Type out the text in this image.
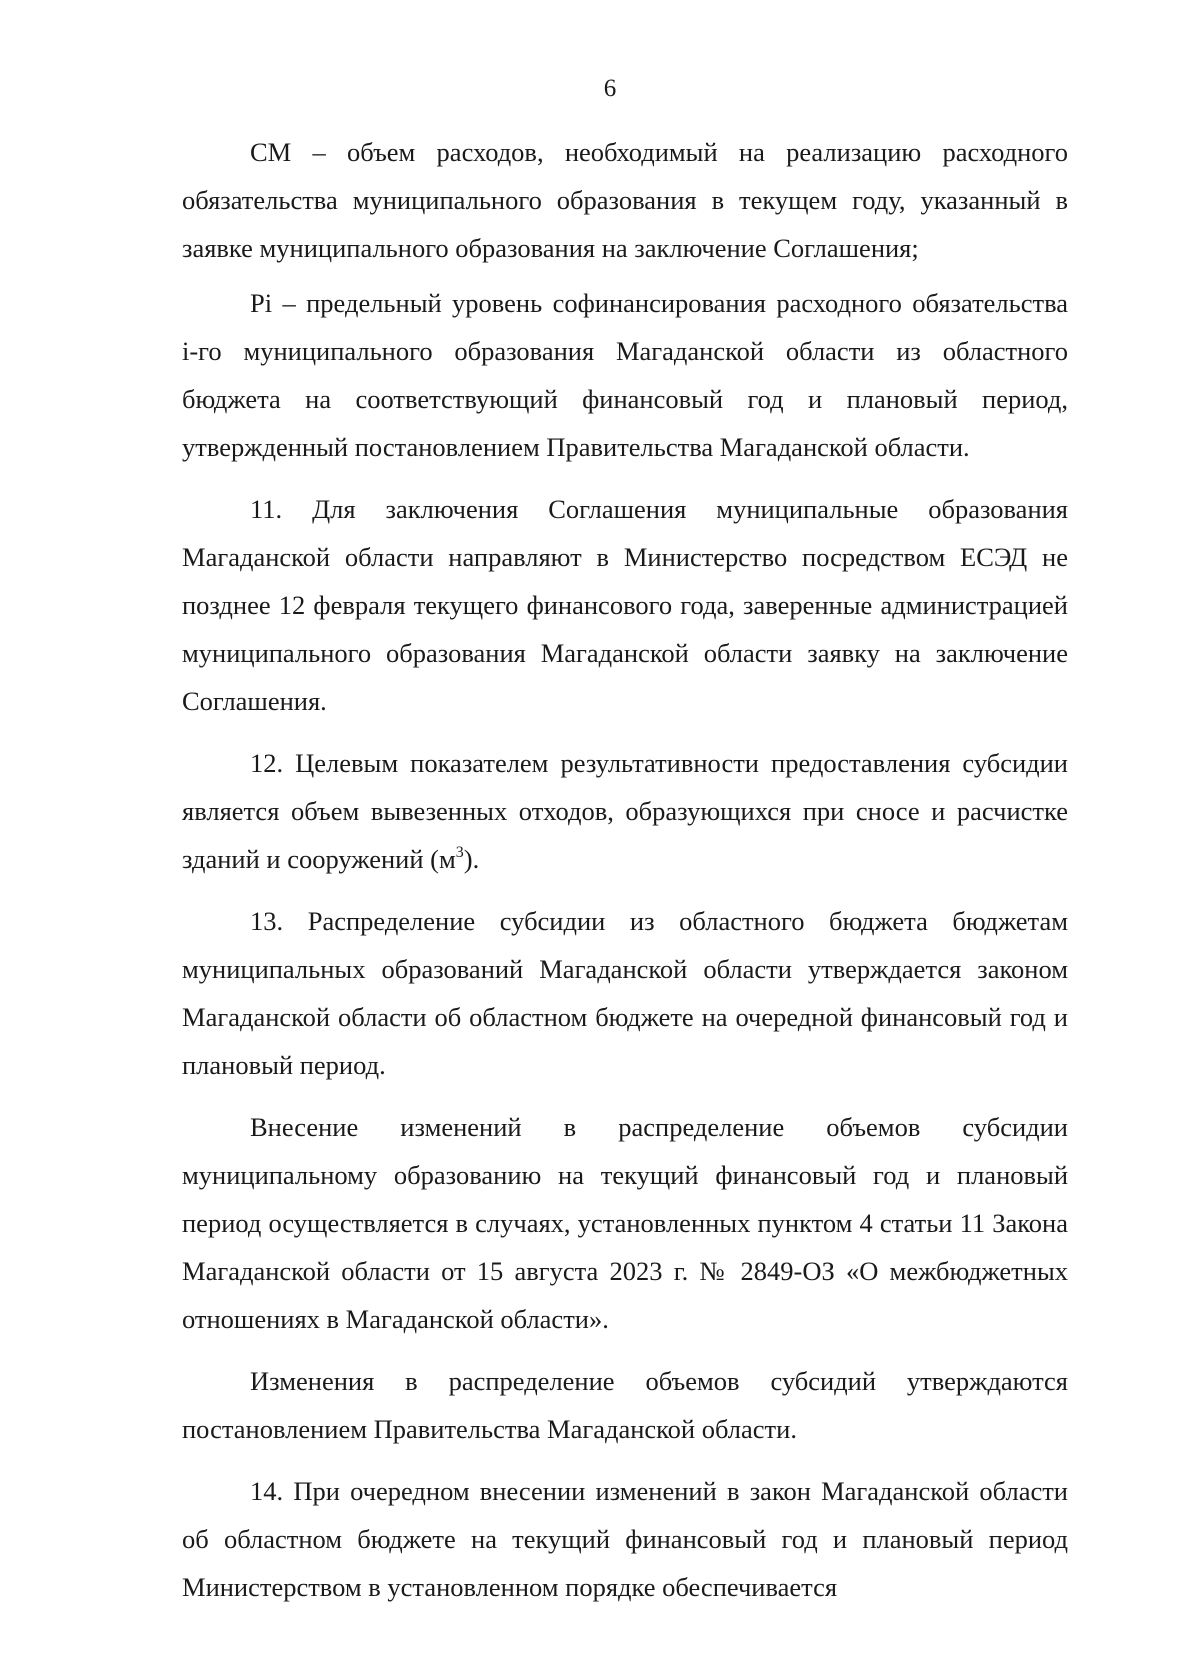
6

CM – объем расходов, необходимый на реализацию расходного обязательства муниципального образования в текущем году, указанный в заявке муниципального образования на заключение Соглашения;

Pi – предельный уровень софинансирования расходного обязательства i-го муниципального образования Магаданской области из областного бюджета на соответствующий финансовый год и плановый период, утвержденный постановлением Правительства Магаданской области.

11. Для заключения Соглашения муниципальные образования Магаданской области направляют в Министерство посредством ЕСЭД не позднее 12 февраля текущего финансового года, заверенные администрацией муниципального образования Магаданской области заявку на заключение Соглашения.

12. Целевым показателем результативности предоставления субсидии является объем вывезенных отходов, образующихся при сносе и расчистке зданий и сооружений $(м^3)$.

13. Распределение субсидии из областного бюджета бюджетам муниципальных образований Магаданской области утверждается законом Магаданской области об областном бюджете на очередной финансовый год и плановый период.

Внесение изменений в распределение объемов субсидии муниципальному образованию на текущий финансовый год и плановый период осуществляется в случаях, установленных пунктом 4 статьи 11 Закона Магаданской области от 15 августа 2023 г. № 2849-ОЗ «О межбюджетных отношениях в Магаданской области».

Изменения в распределение объемов субсидий утверждаются постановлением Правительства Магаданской области.

14. При очередном внесении изменений в закон Магаданской области об областном бюджете на текущий финансовый год и плановый период Министерством в установленном порядке обеспечивается
